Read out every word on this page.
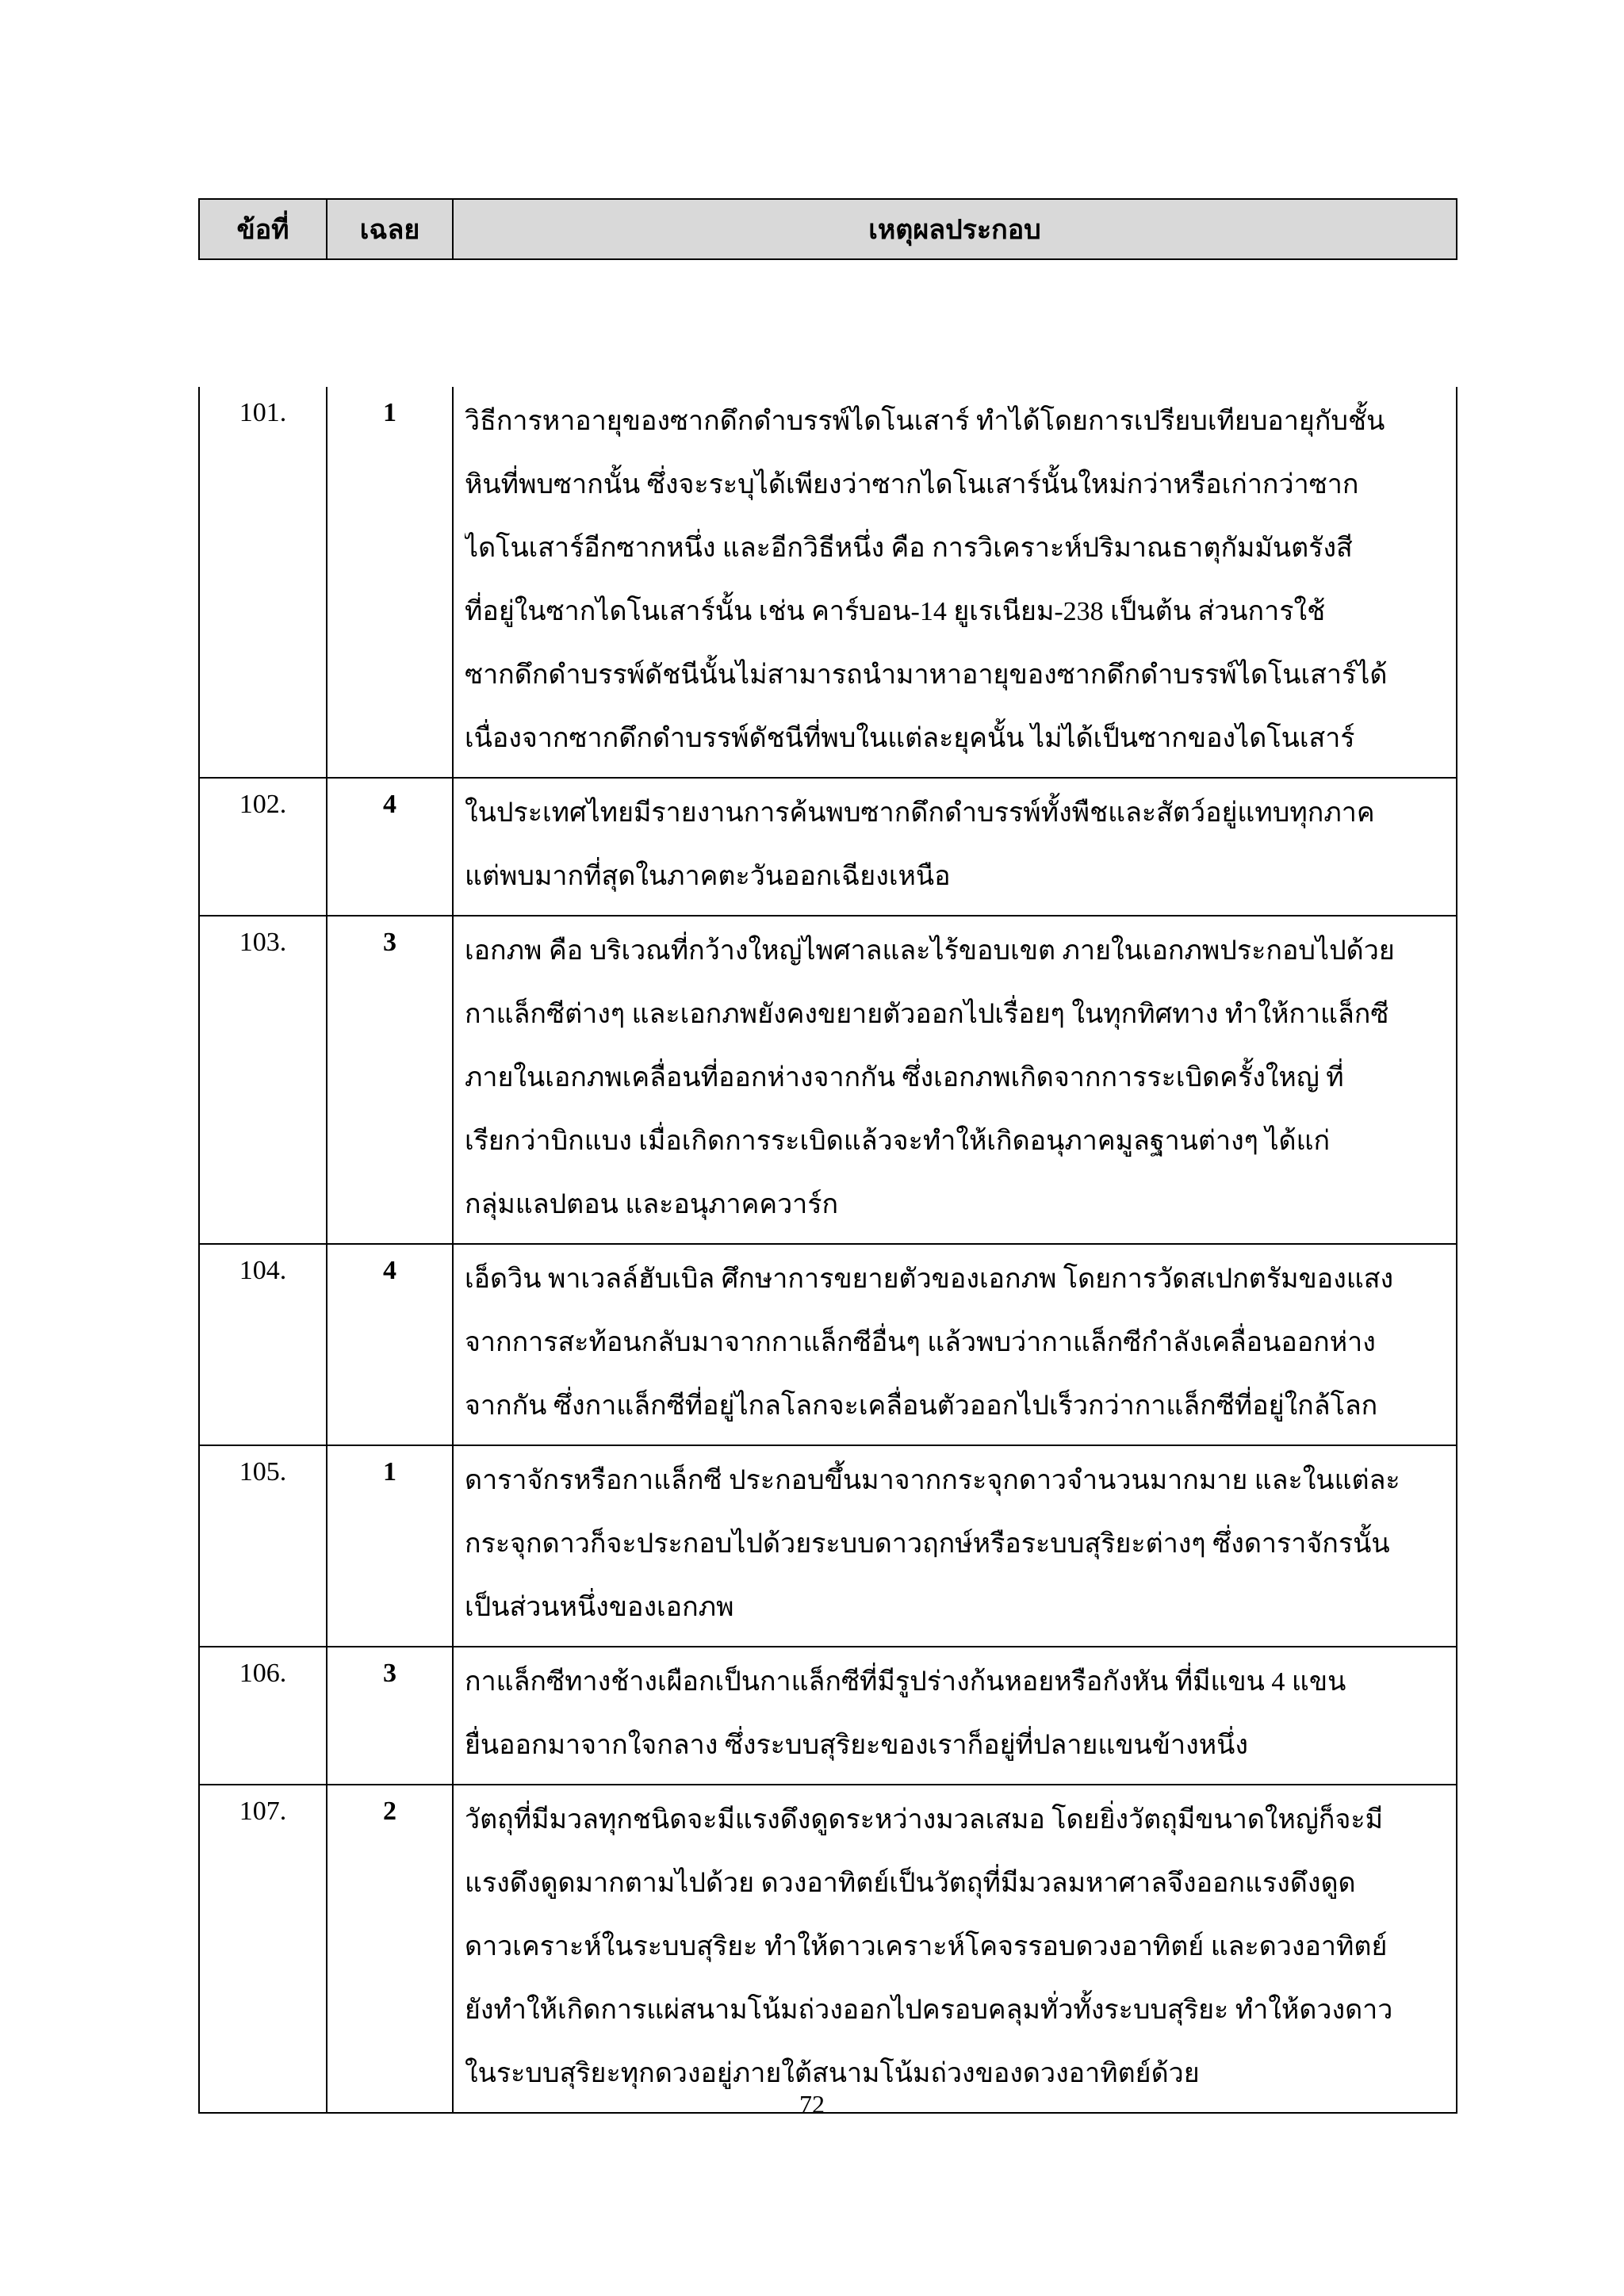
ข้อที่	เฉลย	เหตุผลประกอบ
101.	1	วิธีการหาอายุของซากดึกดำบรรพ์ไดโนเสาร์ ทำได้โดยการเปรียบเทียบอายุกับชั้น
หินที่พบซากนั้น ซึ่งจะระบุได้เพียงว่าซากไดโนเสาร์นั้นใหม่กว่าหรือเก่ากว่าซาก
ไดโนเสาร์อีกซากหนึ่ง และอีกวิธีหนึ่ง คือ การวิเคราะห์ปริมาณธาตุกัมมันตรังสี
ที่อยู่ในซากไดโนเสาร์นั้น เช่น คาร์บอน-14 ยูเรเนียม-238 เป็นต้น ส่วนการใช้
ซากดึกดำบรรพ์ดัชนีนั้นไม่สามารถนำมาหาอายุของซากดึกดำบรรพ์ไดโนเสาร์ได้
เนื่องจากซากดึกดำบรรพ์ดัชนีที่พบในแต่ละยุคนั้น ไม่ได้เป็นซากของไดโนเสาร์
102.	4	ในประเทศไทยมีรายงานการค้นพบซากดึกดำบรรพ์ทั้งพืชและสัตว์อยู่แทบทุกภาค
แต่พบมากที่สุดในภาคตะวันออกเฉียงเหนือ
103.	3	เอกภพ คือ บริเวณที่กว้างใหญ่ไพศาลและไร้ขอบเขต ภายในเอกภพประกอบไปด้วย
กาแล็กซีต่างๆ และเอกภพยังคงขยายตัวออกไปเรื่อยๆ ในทุกทิศทาง ทำให้กาแล็กซี
ภายในเอกภพเคลื่อนที่ออกห่างจากกัน ซึ่งเอกภพเกิดจากการระเบิดครั้งใหญ่ ที่
เรียกว่าบิกแบง เมื่อเกิดการระเบิดแล้วจะทำให้เกิดอนุภาคมูลฐานต่างๆ ได้แก่
กลุ่มแลปตอน และอนุภาคควาร์ก
104.	4	เอ็ดวิน พาเวลล์ฮับเบิล ศึกษาการขยายตัวของเอกภพ โดยการวัดสเปกตรัมของแสง
จากการสะท้อนกลับมาจากกาแล็กซีอื่นๆ แล้วพบว่ากาแล็กซีกำลังเคลื่อนออกห่าง
จากกัน ซึ่งกาแล็กซีที่อยู่ไกลโลกจะเคลื่อนตัวออกไปเร็วกว่ากาแล็กซีที่อยู่ใกล้โลก
105.	1	ดาราจักรหรือกาแล็กซี ประกอบขึ้นมาจากกระจุกดาวจำนวนมากมาย และในแต่ละ
กระจุกดาวก็จะประกอบไปด้วยระบบดาวฤกษ์หรือระบบสุริยะต่างๆ ซึ่งดาราจักรนั้น
เป็นส่วนหนึ่งของเอกภพ
106.	3	กาแล็กซีทางช้างเผือกเป็นกาแล็กซีที่มีรูปร่างก้นหอยหรือกังหัน ที่มีแขน 4 แขน
ยื่นออกมาจากใจกลาง ซึ่งระบบสุริยะของเราก็อยู่ที่ปลายแขนข้างหนึ่ง
107.	2	วัตถุที่มีมวลทุกชนิดจะมีแรงดึงดูดระหว่างมวลเสมอ โดยยิ่งวัตถุมีขนาดใหญ่ก็จะมี
แรงดึงดูดมากตามไปด้วย ดวงอาทิตย์เป็นวัตถุที่มีมวลมหาศาลจึงออกแรงดึงดูด
ดาวเคราะห์ในระบบสุริยะ ทำให้ดาวเคราะห์โคจรรอบดวงอาทิตย์ และดวงอาทิตย์
ยังทำให้เกิดการแผ่สนามโน้มถ่วงออกไปครอบคลุมทั่วทั้งระบบสุริยะ ทำให้ดวงดาว
ในระบบสุริยะทุกดวงอยู่ภายใต้สนามโน้มถ่วงของดวงอาทิตย์ด้วย
72
